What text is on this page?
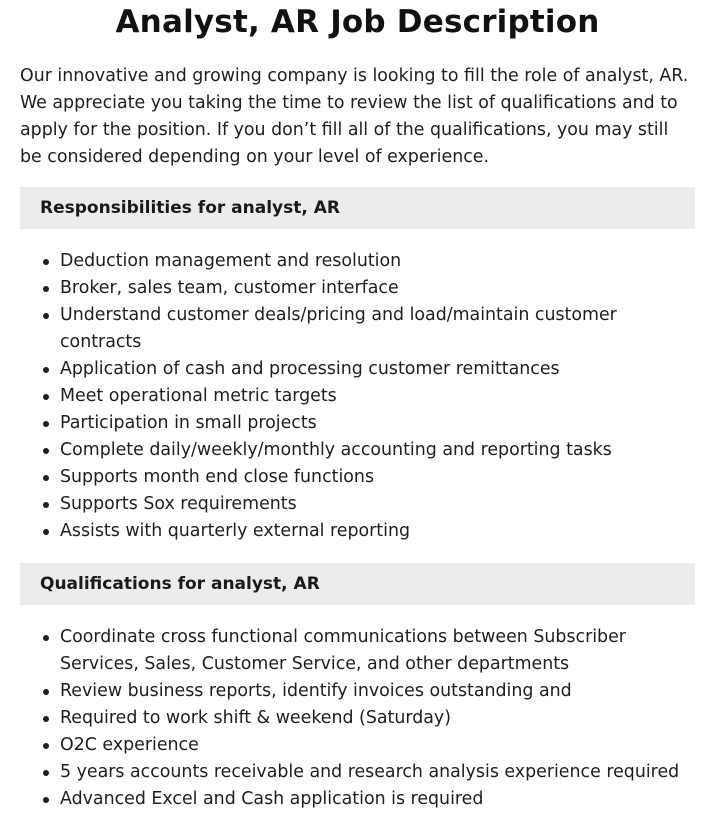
Analyst, AR Job Description

Our innovative and growing company is looking to fill the role of analyst, AR. We appreciate you taking the time to review the list of qualifications and to apply for the position. If you don’t fill all of the qualifications, you may still be considered depending on your level of experience.

Responsibilities for analyst, AR
Deduction management and resolution
Broker, sales team, customer interface
Understand customer deals/pricing and load/maintain customer contracts
Application of cash and processing customer remittances
Meet operational metric targets
Participation in small projects
Complete daily/weekly/monthly accounting and reporting tasks
Supports month end close functions
Supports Sox requirements
Assists with quarterly external reporting
Qualifications for analyst, AR
Coordinate cross functional communications between Subscriber Services, Sales, Customer Service, and other departments
Review business reports, identify invoices outstanding and
Required to work shift & weekend (Saturday)
O2C experience
5 years accounts receivable and research analysis experience required
Advanced Excel and Cash application is required
